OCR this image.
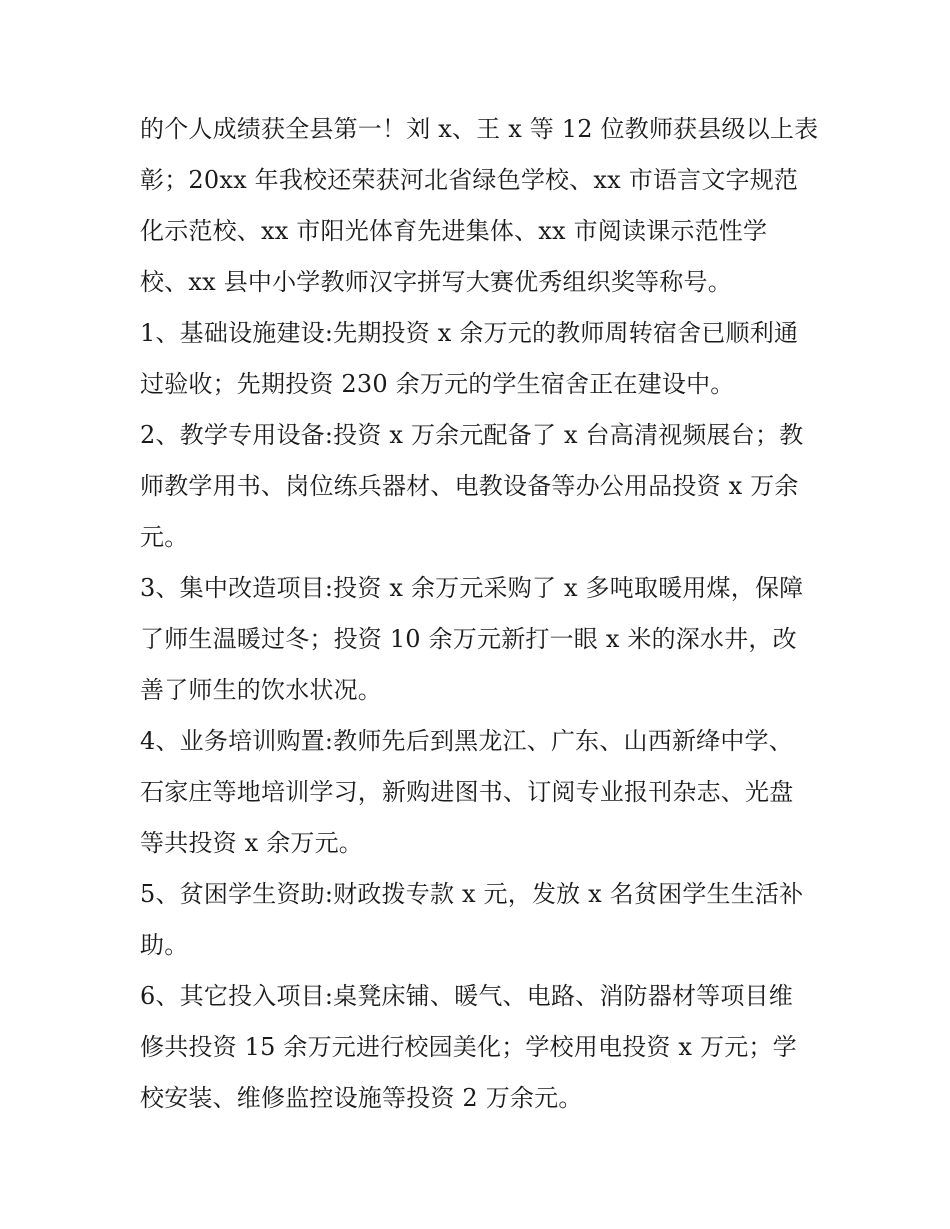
的个人成绩获全县第一！刘 x、王 x 等 12 位教师获县级以上表
彰；20xx 年我校还荣获河北省绿色学校、xx 市语言文字规范
化示范校、xx 市阳光体育先进集体、xx 市阅读课示范性学
校、xx 县中小学教师汉字拼写大赛优秀组织奖等称号。
1、基础设施建设:先期投资 x 余万元的教师周转宿舍已顺利通
过验收；先期投资 230 余万元的学生宿舍正在建设中。
2、教学专用设备:投资 x 万余元配备了 x 台高清视频展台；教
师教学用书、岗位练兵器材、电教设备等办公用品投资 x 万余
元。
3、集中改造项目:投资 x 余万元采购了 x 多吨取暖用煤，保障
了师生温暖过冬；投资 10 余万元新打一眼 x 米的深水井，改
善了师生的饮水状况。
4、业务培训购置:教师先后到黑龙江、广东、山西新绛中学、
石家庄等地培训学习，新购进图书、订阅专业报刊杂志、光盘
等共投资 x 余万元。
5、贫困学生资助:财政拨专款 x 元，发放 x 名贫困学生生活补
助。
6、其它投入项目:桌凳床铺、暖气、电路、消防器材等项目维
修共投资 15 余万元进行校园美化；学校用电投资 x 万元；学
校安装、维修监控设施等投资 2 万余元。
